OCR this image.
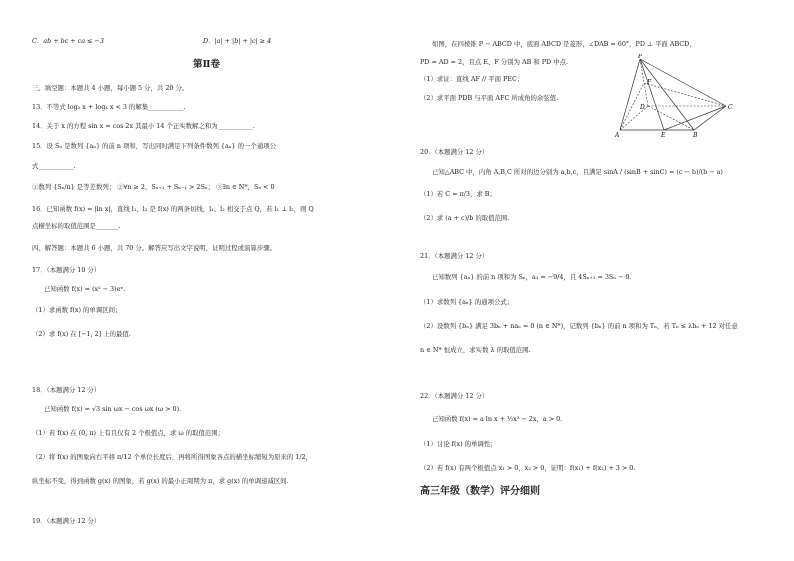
C．ab + bc + ca ≤ −3	D．|a| + |b| + |c| ≥ 4
第Ⅱ卷
三、填空题：本题共 4 小题，每小题 5 分，共 20 分。
13．不等式 log₂ x + log₄ x < 3 的解集___________.
14．关于 x 的方程 sin x = cos 2x 其最小 14 个正实数解之和为___________.
15．设 Sₙ 是数列 {aₙ} 的前 n 项和，写出同时满足下列条件数列 {aₙ} 的一个通项公
式___________.
①数列 {Sₙ/n} 是等差数列； ②∀n ≥ 2，Sₙ₊₁ + Sₙ₋₁ > 2Sₙ； ③∃n ∈ N*，Sₙ < 0
16．已知函数 f(x) = |ln x|，直线 l₁、l₂ 是 f(x) 的两条切线，l₁、l₂ 相交于点 Q，若 l₁ ⊥ l₂，则 Q
点横坐标的取值范围是_______.
四、解答题：本题共 6 小题，共 70 分。解答应写出文字说明，证明过程或演算步骤。
17．（本题满分 10 分）
已知函数 f(x) = (x² − 3)eˣ.
（1）求函数 f(x) 的单调区间；
（2）求 f(x) 在 [−1, 2] 上的最值.
18．（本题满分 12 分）
已知函数 f(x) = √3 sin ωx − cos ωx (ω > 0).
（1）若 f(x) 在 (0, π) 上有且仅有 2 个极值点，求 ω 的取值范围；
（2）将 f(x) 的图象向右平移 π/12 个单位长度后，再将所得图象各点的横坐标缩短为原来的 1/2，
纵坐标不变，得到函数 g(x) 的图象，若 g(x) 的最小正周期为 π，求 g(x) 的单调递减区间.
19．（本题满分 12 分）
如图，在四棱锥 P − ABCD 中，底面 ABCD 是菱形，∠DAB = 60°，PD ⊥ 平面 ABCD，
PD = AD = 2，且点 E、F 分别为 AB 和 PD 中点.
（1）求证：直线 AF // 平面 PEC；
（2）求平面 PDB 与平面 AFC 所成角的余弦值.
P
F
D	C
A	E	B
20．（本题满分 12 分）
已知△ABC 中，内角 A,B,C 所对的边分别为 a,b,c，且满足 sinA / (sinB + sinC) = (c − b)/(b − a)
（1）若 C = π/3，求 B；
（2）求 (a + c)/b 的取值范围.
21．（本题满分 12 分）
已知数列 {aₙ} 的前 n 项和为 Sₙ，a₁ = −9/4，且 4Sₙ₊₁ = 3Sₙ − 9.
（1）求数列 {aₙ} 的通项公式；
（2）设数列 {bₙ} 满足 3bₙ + naₙ = 0 (n ∈ N*)，记数列 {bₙ} 的前 n 项和为 Tₙ，若 Tₙ ≤ λbₙ + 12 对任意
n ∈ N* 恒成立，求实数 λ 的取值范围.
22．（本题满分 12 分）
已知函数 f(x) = a ln x + ½x² − 2x，a > 0.
（1）讨论 f(x) 的单调性；
（2）若 f(x) 有两个极值点 x₁ > 0，x₂ > 0，证明：f(x₁) + f(x₂) + 3 > 0.
高三年级（数学）评分细则
